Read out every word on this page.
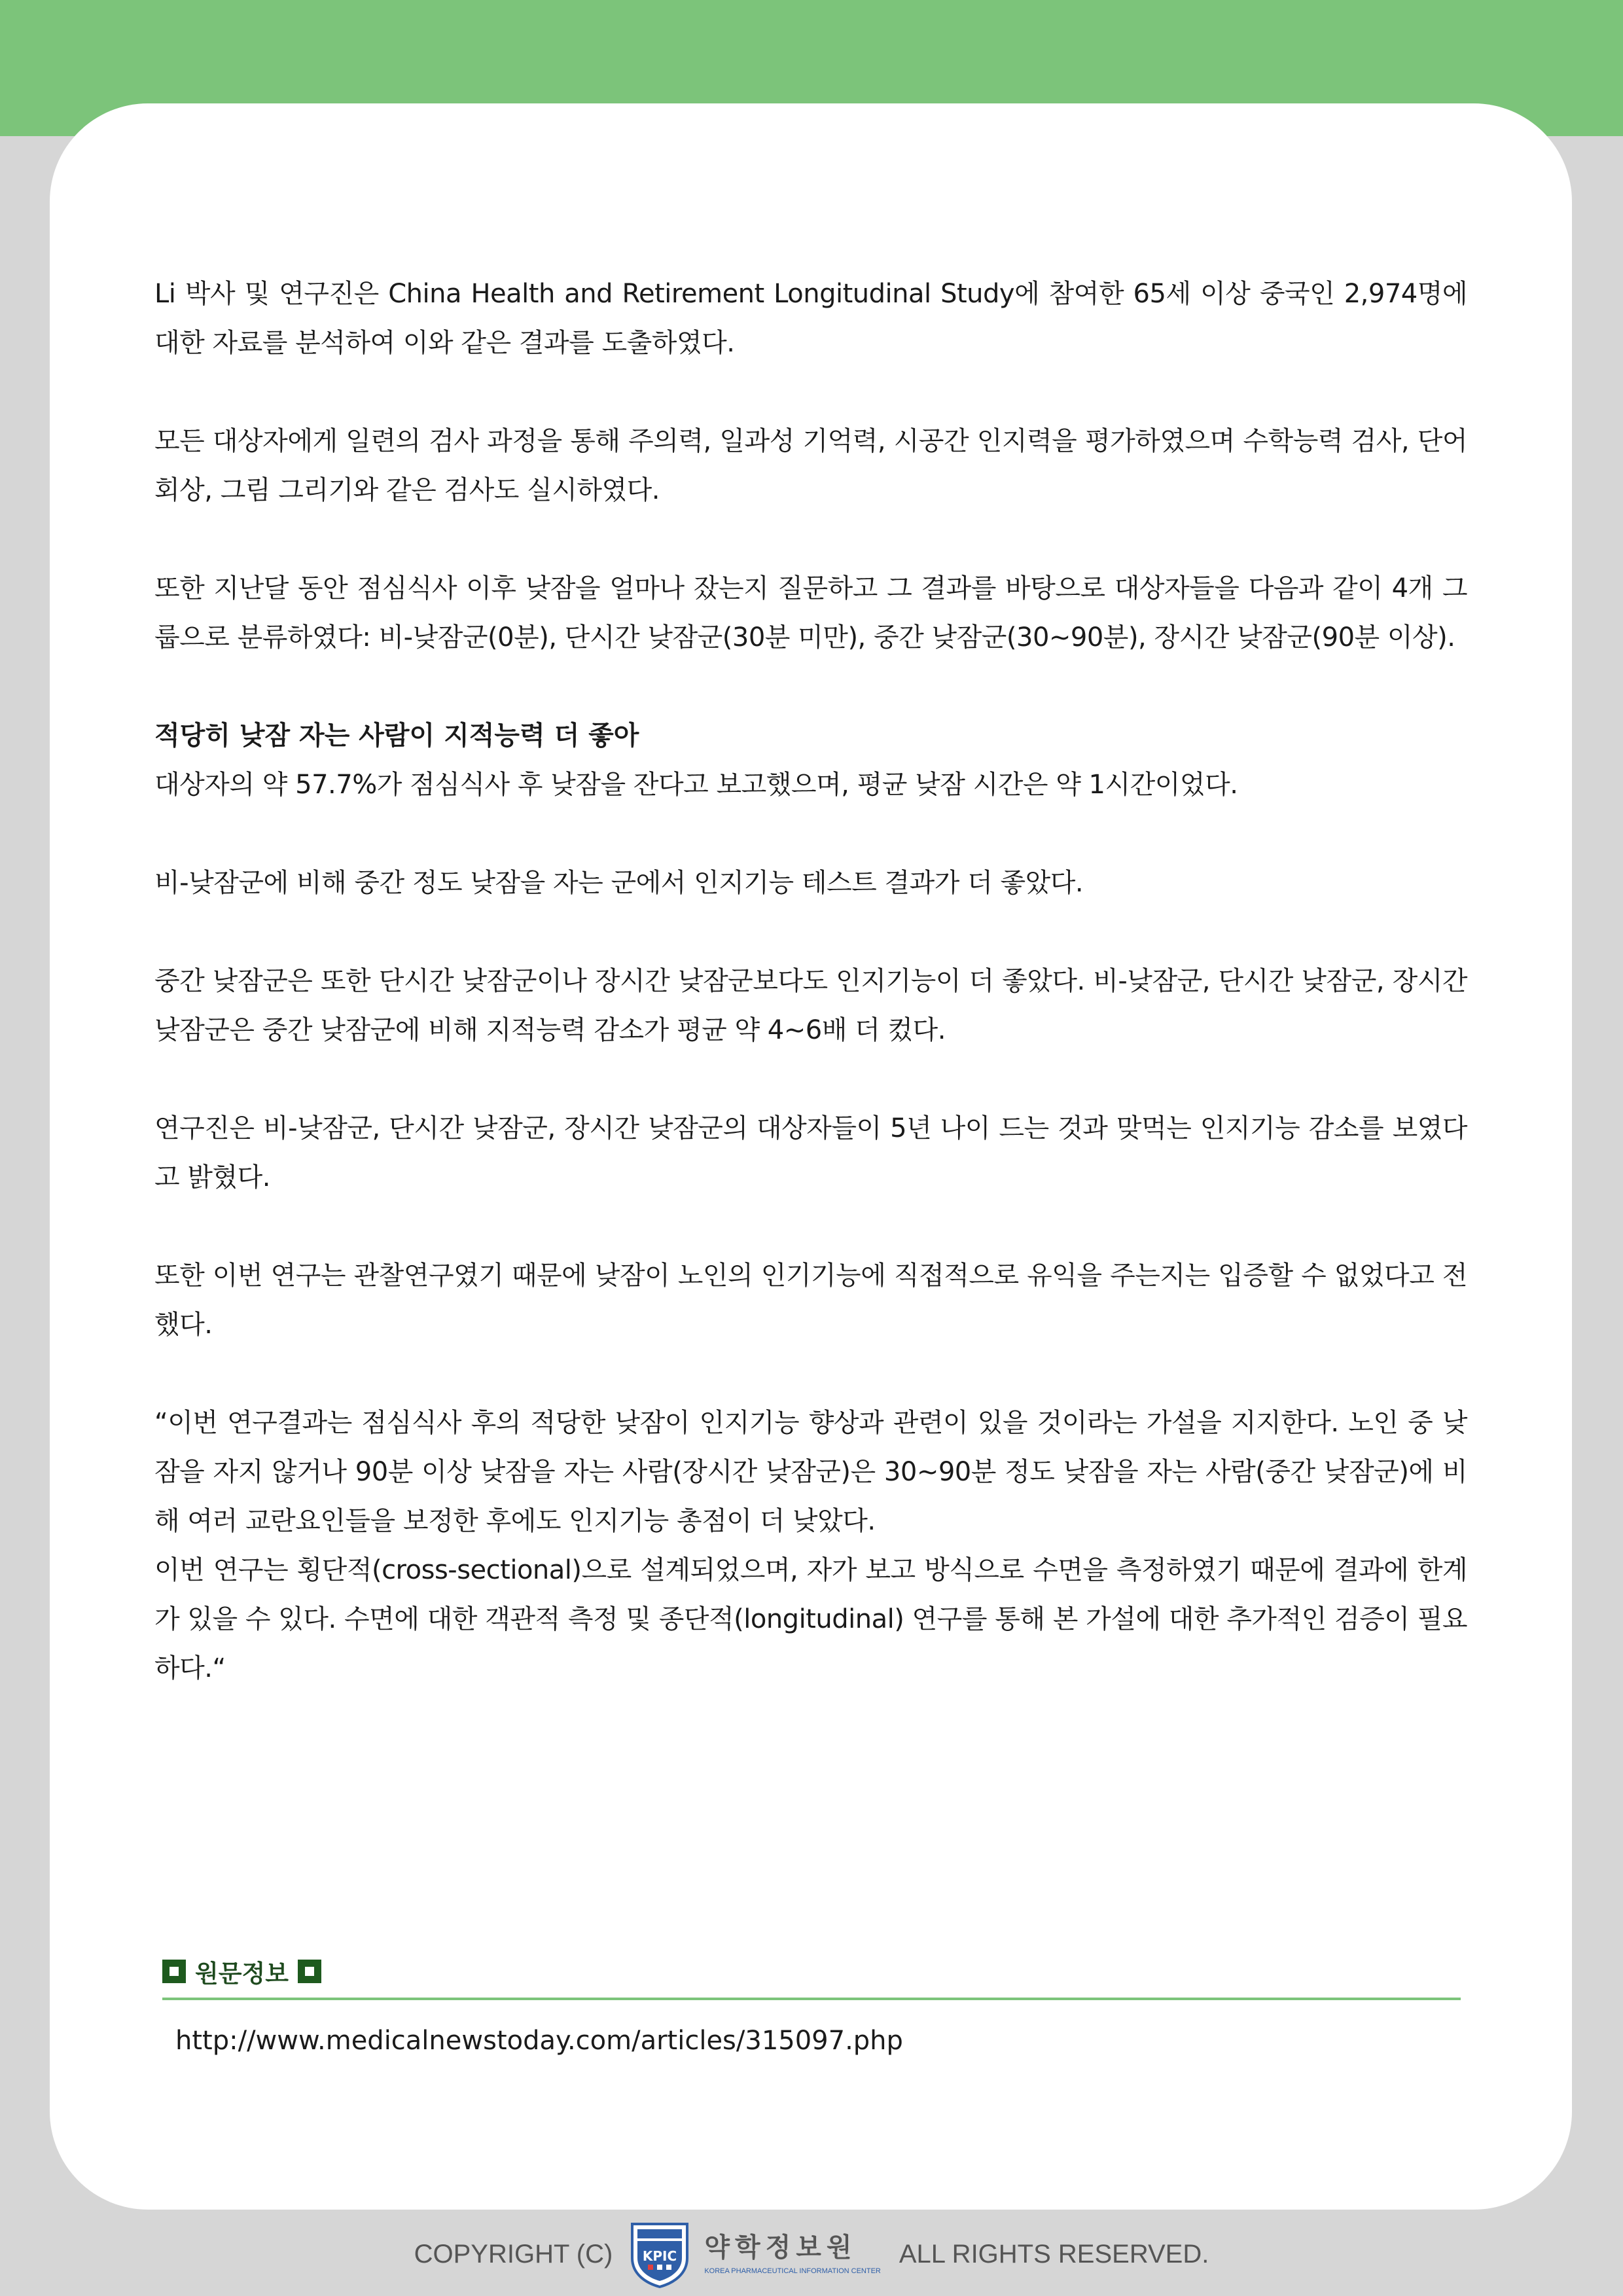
Li 박사 및 연구진은 China Health and Retirement Longitudinal Study에 참여한 65세 이상 중국인 2,974명에 대한 자료를 분석하여 이와 같은 결과를 도출하였다.

모든 대상자에게 일련의 검사 과정을 통해 주의력, 일과성 기억력, 시공간 인지력을 평가하였으며 수학능력 검사, 단어 회상, 그림 그리기와 같은 검사도 실시하였다.

또한 지난달 동안 점심식사 이후 낮잠을 얼마나 잤는지 질문하고 그 결과를 바탕으로 대상자들을 다음과 같이 4개 그룹으로 분류하였다: 비-낮잠군(0분), 단시간 낮잠군(30분 미만), 중간 낮잠군(30~90분), 장시간 낮잠군(90분 이상).

적당히 낮잠 자는 사람이 지적능력 더 좋아

대상자의 약 57.7%가 점심식사 후 낮잠을 잔다고 보고했으며, 평균 낮잠 시간은 약 1시간이었다.

비-낮잠군에 비해 중간 정도 낮잠을 자는 군에서 인지기능 테스트 결과가 더 좋았다.

중간 낮잠군은 또한 단시간 낮잠군이나 장시간 낮잠군보다도 인지기능이 더 좋았다. 비-낮잠군, 단시간 낮잠군, 장시간 낮잠군은 중간 낮잠군에 비해 지적능력 감소가 평균 약 4~6배 더 컸다.

연구진은 비-낮잠군, 단시간 낮잠군, 장시간 낮잠군의 대상자들이 5년 나이 드는 것과 맞먹는 인지기능 감소를 보였다고 밝혔다.

또한 이번 연구는 관찰연구였기 때문에 낮잠이 노인의 인기기능에 직접적으로 유익을 주는지는 입증할 수 없었다고 전했다.

“이번 연구결과는 점심식사 후의 적당한 낮잠이 인지기능 향상과 관련이 있을 것이라는 가설을 지지한다. 노인 중 낮잠을 자지 않거나 90분 이상 낮잠을 자는 사람(장시간 낮잠군)은 30~90분 정도 낮잠을 자는 사람(중간 낮잠군)에 비해 여러 교란요인들을 보정한 후에도 인지기능 총점이 더 낮았다.

이번 연구는 횡단적(cross-sectional)으로 설계되었으며, 자가 보고 방식으로 수면을 측정하였기 때문에 결과에 한계가 있을 수 있다. 수면에 대한 객관적 측정 및 종단적(longitudinal) 연구를 통해 본 가설에 대한 추가적인 검증이 필요하다.“

원문정보
http://www.medicalnewstoday.com/articles/315097.php
COPYRIGHT (C) KPIC 약학정보원
KOREA PHARMACEUTICAL INFORMATION CENTER
ALL RIGHTS RESERVED.
